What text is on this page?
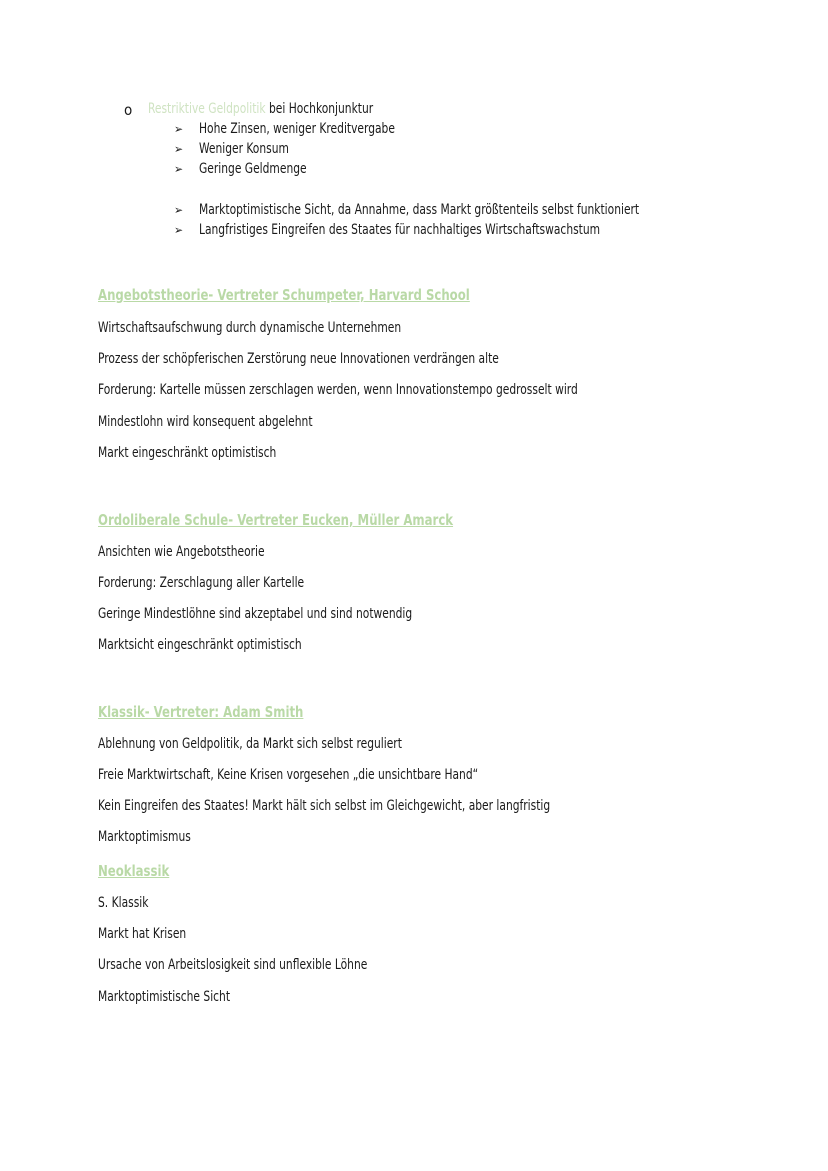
o Restriktive Geldpolitik bei Hochkonjunktur
➢ Hohe Zinsen, weniger Kreditvergabe
➢ Weniger Konsum
➢ Geringe Geldmenge
➢ Marktoptimistische Sicht, da Annahme, dass Markt größtenteils selbst funktioniert
➢ Langfristiges Eingreifen des Staates für nachhaltiges Wirtschaftswachstum
Angebotstheorie- Vertreter Schumpeter, Harvard School
Wirtschaftsaufschwung durch dynamische Unternehmen
Prozess der schöpferischen Zerstörung neue Innovationen verdrängen alte
Forderung: Kartelle müssen zerschlagen werden, wenn Innovationstempo gedrosselt wird
Mindestlohn wird konsequent abgelehnt
Markt eingeschränkt optimistisch
Ordoliberale Schule- Vertreter Eucken, Müller Amarck
Ansichten wie Angebotstheorie
Forderung: Zerschlagung aller Kartelle
Geringe Mindestlöhne sind akzeptabel und sind notwendig
Marktsicht eingeschränkt optimistisch
Klassik- Vertreter: Adam Smith
Ablehnung von Geldpolitik, da Markt sich selbst reguliert
Freie Marktwirtschaft, Keine Krisen vorgesehen „die unsichtbare Hand“
Kein Eingreifen des Staates! Markt hält sich selbst im Gleichgewicht, aber langfristig
Marktoptimismus
Neoklassik
S. Klassik
Markt hat Krisen
Ursache von Arbeitslosigkeit sind unflexible Löhne
Marktoptimistische Sicht
